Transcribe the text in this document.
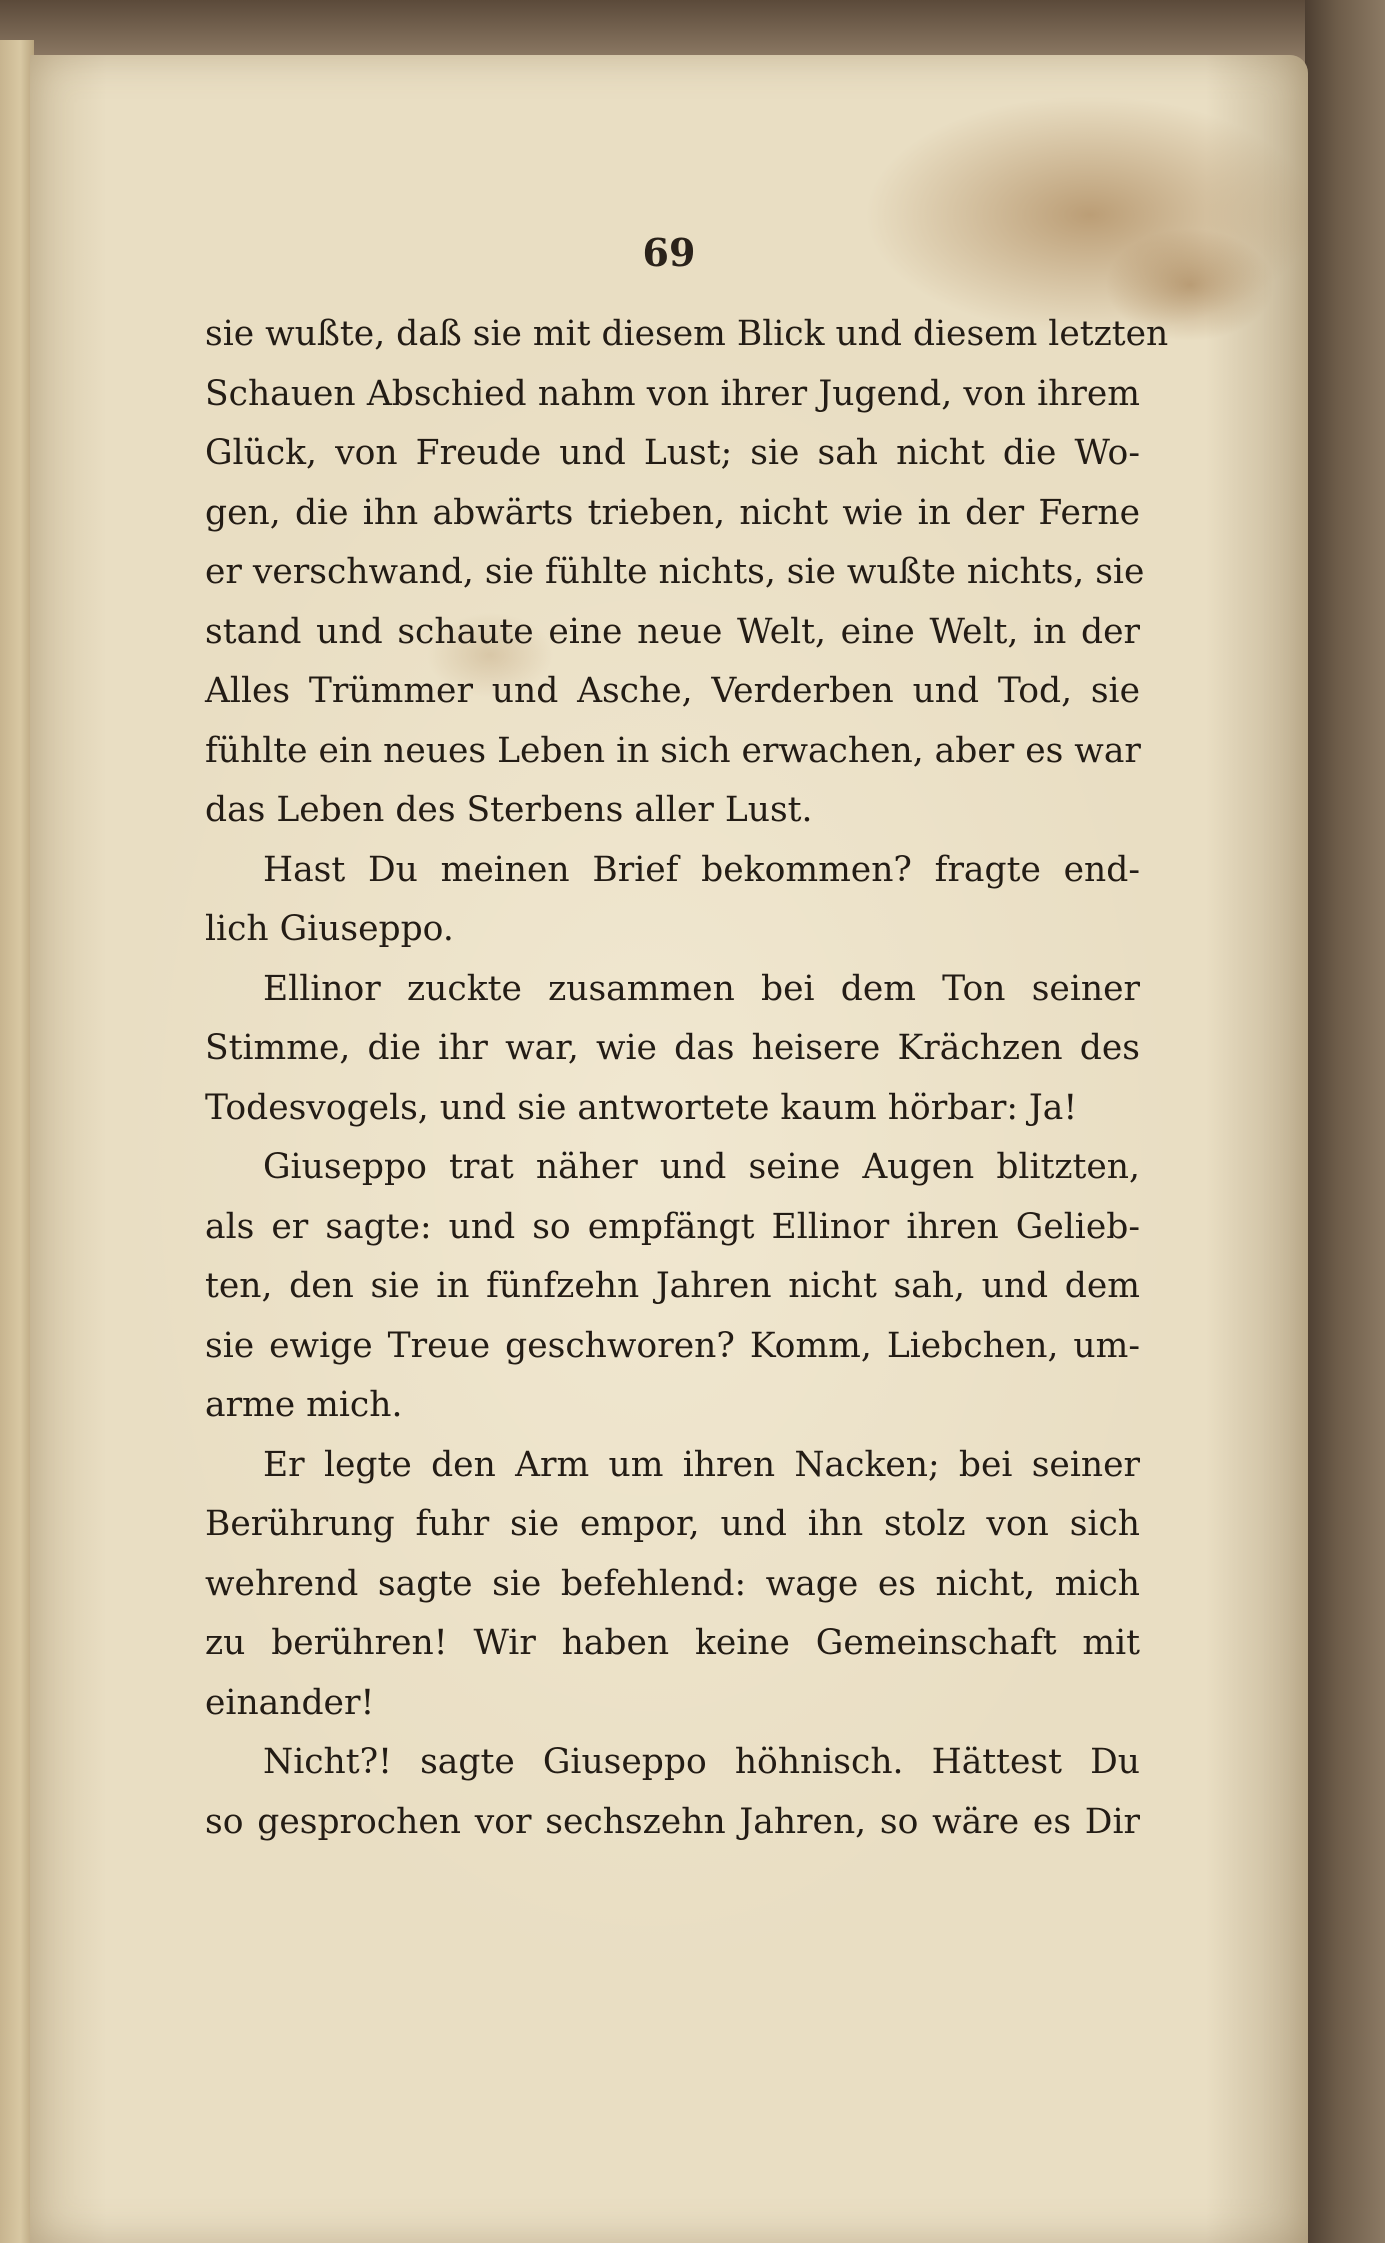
69

sie wußte, daß sie mit diesem Blick und diesem letzten
Schauen Abschied nahm von ihrer Jugend, von ihrem
Glück, von Freude und Lust; sie sah nicht die Wo-
gen, die ihn abwärts trieben, nicht wie in der Ferne
er verschwand, sie fühlte nichts, sie wußte nichts, sie
stand und schaute eine neue Welt, eine Welt, in der
Alles Trümmer und Asche, Verderben und Tod, sie
fühlte ein neues Leben in sich erwachen, aber es war
das Leben des Sterbens aller Lust.
Hast Du meinen Brief bekommen? fragte end-
lich Giuseppo.
Ellinor zuckte zusammen bei dem Ton seiner
Stimme, die ihr war, wie das heisere Krächzen des
Todesvogels, und sie antwortete kaum hörbar: Ja!
Giuseppo trat näher und seine Augen blitzten,
als er sagte: und so empfängt Ellinor ihren Gelieb-
ten, den sie in fünfzehn Jahren nicht sah, und dem
sie ewige Treue geschworen? Komm, Liebchen, um-
arme mich.
Er legte den Arm um ihren Nacken; bei seiner
Berührung fuhr sie empor, und ihn stolz von sich
wehrend sagte sie befehlend: wage es nicht, mich
zu berühren! Wir haben keine Gemeinschaft mit
einander!
Nicht?! sagte Giuseppo höhnisch. Hättest Du
so gesprochen vor sechszehn Jahren, so wäre es Dir
